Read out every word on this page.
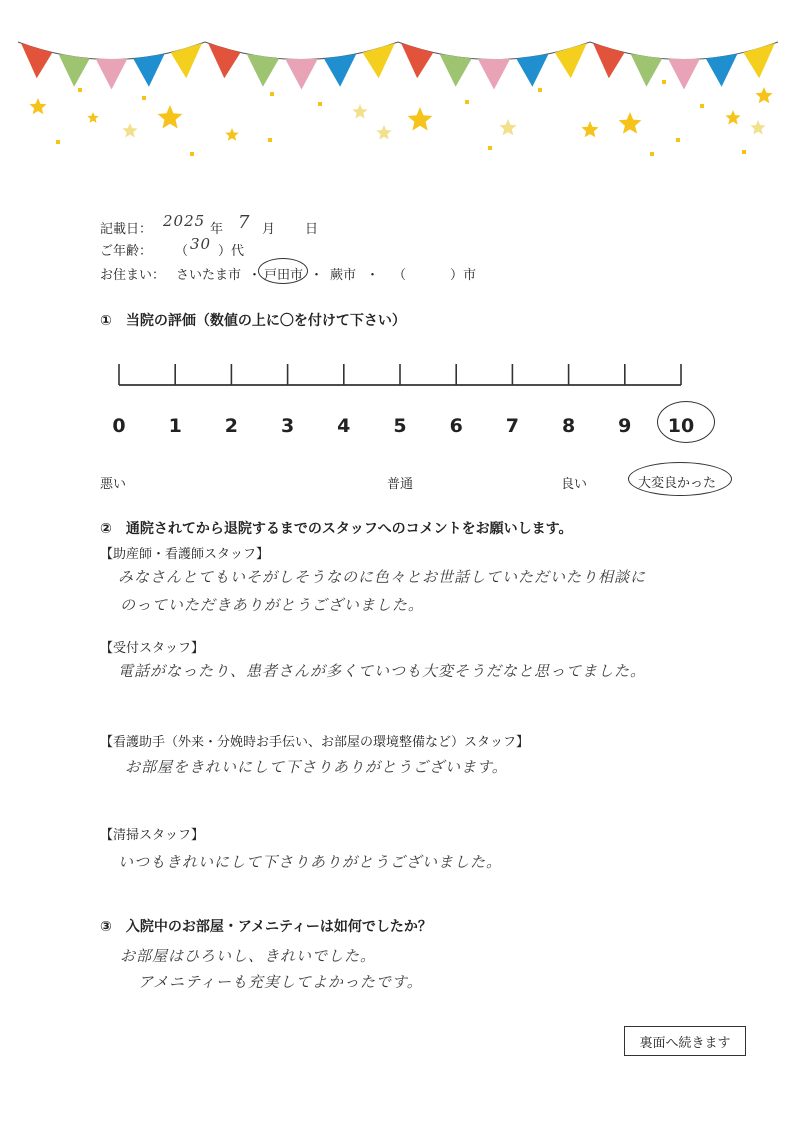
記載日： 2025 年 7 月 日
ご年齢： （ 30 ）代
お住まい： さいたま市 ・ 戸田市 ・ 蕨市 ・ （	）市
①　当院の評価（数値の上に〇を付けて下さい）
0 1 2 3 4 5 6 7 8 9 10
悪い	普通	良い	大変良かった
②　通院されてから退院するまでのスタッフへのコメントをお願いします。
【助産師・看護師スタッフ】
みなさんとてもいそがしそうなのに色々とお世話していただいたり相談に
のっていただきありがとうございました。
【受付スタッフ】
電話がなったり、患者さんが多くていつも大変そうだなと思ってました。
【看護助手（外来・分娩時お手伝い、お部屋の環境整備など）スタッフ】
お部屋をきれいにして下さりありがとうございます。
【清掃スタッフ】
いつもきれいにして下さりありがとうございました。
③　入院中のお部屋・アメニティーは如何でしたか？
お部屋はひろいし、きれいでした。
アメニティーも充実してよかったです。
裏面へ続きます
